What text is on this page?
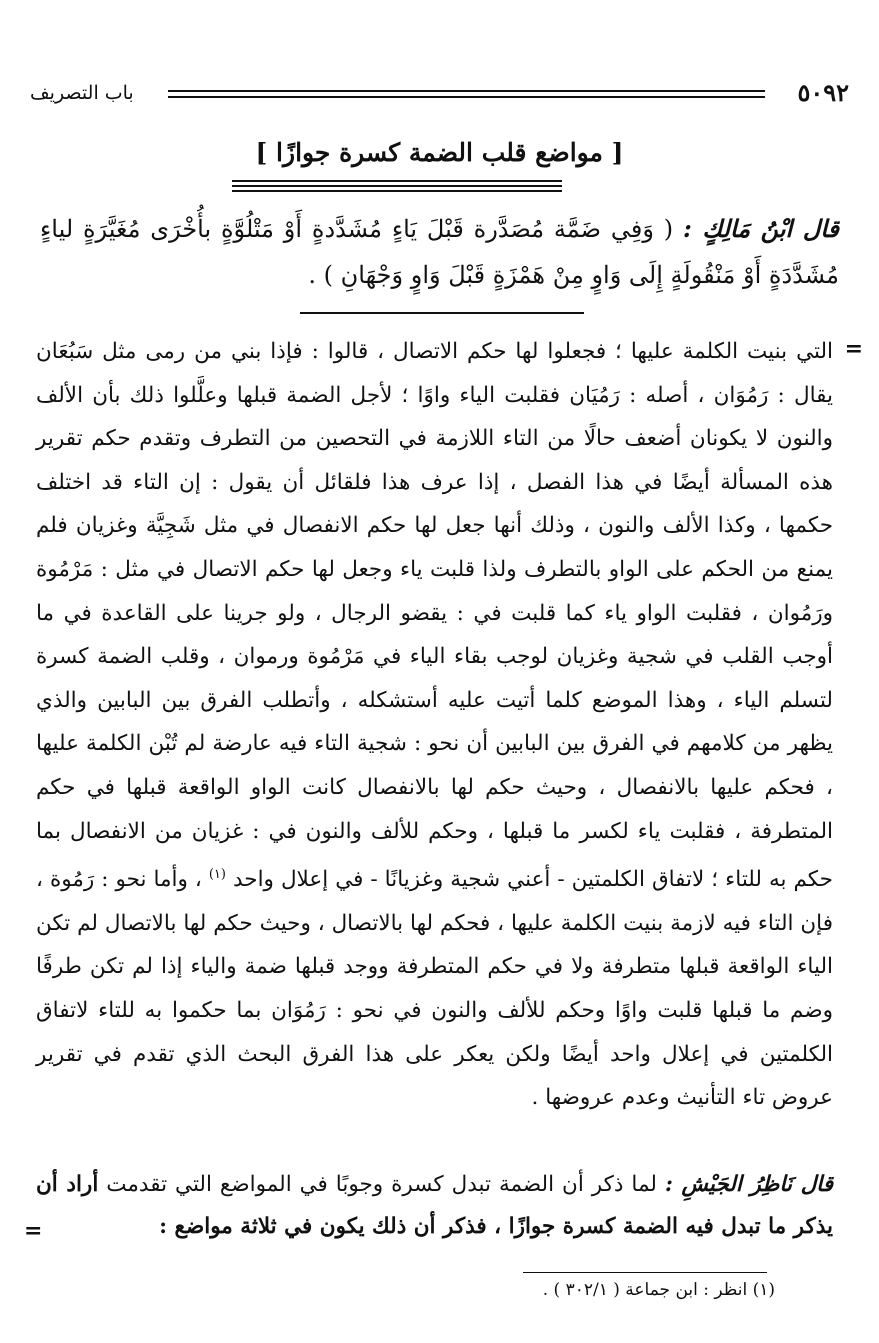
٥٠٩٢
باب التصريف
[ مواضع قلب الضمة كسرة جوازًا ]
قال ابْنُ مَالِكٍ : ( وَفِي ضَمَّة مُصَدَّرة قَبْلَ يَاءٍ مُشَدَّدةٍ أَوْ مَتْلُوَّةٍ بأُخْرَى مُغَيَّرَةٍ لياءٍ مُشَدَّدَةٍ أَوْ مَنْقُولَةٍ إِلَى وَاوٍ مِنْ هَمْزَةٍ قَبْلَ وَاوٍ وَجْهَانِ ) .
=

التي بنيت الكلمة عليها ؛ فجعلوا لها حكم الاتصال ، قالوا : فإذا بني من رمى مثل سَبُعَان يقال : رَمُوَان ، أصله : رَمُيَان فقلبت الياء واوًا ؛ لأجل الضمة قبلها وعلَّلوا ذلك بأن الألف والنون لا يكونان أضعف حالًا من التاء اللازمة في التحصين من التطرف وتقدم حكم تقرير هذه المسألة أيضًا في هذا الفصل ، إذا عرف هذا فلقائل أن يقول : إن التاء قد اختلف حكمها ، وكذا الألف والنون ، وذلك أنها جعل لها حكم الانفصال في مثل شَجِيَّة وغزيان فلم يمنع من الحكم على الواو بالتطرف ولذا قلبت ياء وجعل لها حكم الاتصال في مثل : مَرْمُوة ورَمُوان ، فقلبت الواو ياء كما قلبت في : يقضو الرجال ، ولو جرينا على القاعدة في ما أوجب القلب في شجية وغزيان لوجب بقاء الياء في مَرْمُوة ورموان ، وقلب الضمة كسرة لتسلم الياء ، وهذا الموضع كلما أتيت عليه أستشكله ، وأتطلب الفرق بين البابين والذي يظهر من كلامهم في الفرق بين البابين أن نحو : شجية التاء فيه عارضة لم تُبْن الكلمة عليها ، فحكم عليها بالانفصال ، وحيث حكم لها بالانفصال كانت الواو الواقعة قبلها في حكم المتطرفة ، فقلبت ياء لكسر ما قبلها ، وحكم للألف والنون في : غزيان من الانفصال بما حكم به للتاء ؛ لاتفاق الكلمتين - أعني شجية وغزيانًا - في إعلال واحد $^{(١)}$ ، وأما نحو : رَمُوة ، فإن التاء فيه لازمة بنيت الكلمة عليها ، فحكم لها بالاتصال ، وحيث حكم لها بالاتصال لم تكن الياء الواقعة قبلها متطرفة ولا في حكم المتطرفة ووجد قبلها ضمة والياء إذا لم تكن طرفًا وضم ما قبلها قلبت واوًا وحكم للألف والنون في نحو : رَمُوَان بما حكموا به للتاء لاتفاق الكلمتين في إعلال واحد أيضًا ولكن يعكر على هذا الفرق البحث الذي تقدم في تقرير عروض تاء التأنيث وعدم عروضها .

قال نَاظِرُ الجَيْشِ : لما ذكر أن الضمة تبدل كسرة وجوبًا في المواضع التي تقدمت أراد أن يذكر ما تبدل فيه الضمة كسرة جوازًا ، فذكر أن ذلك يكون في ثلاثة مواضع :

=
(١) انظر : ابن جماعة ( ٣٠٢/١ ) .
